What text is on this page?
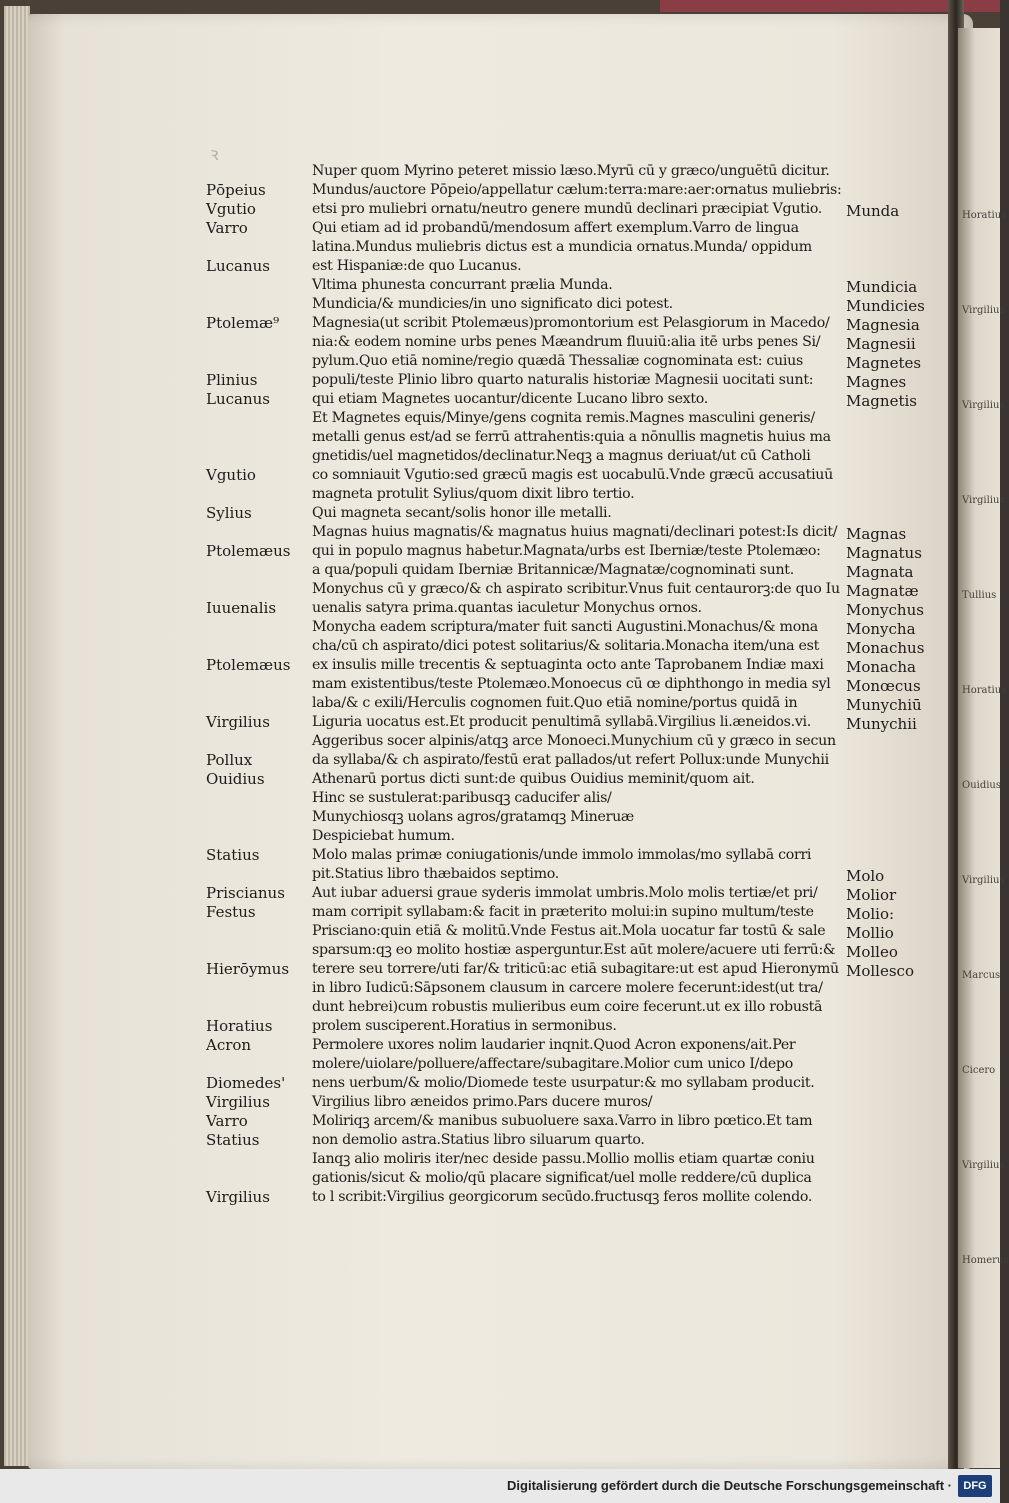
ꝛ
Nuper quom Myrino peteret missio læso.Myrū cū y græco/unguētū dicitur.
Mundus/auctore Pōpeio/appellatur cælum:terra:mare:aer:ornatus muliebris:
etsi pro muliebri ornatu/neutro genere mundū declinari præcipiat Vgutio.
Qui etiam ad id probandū/mendosum affert exemplum.Varro de lingua
latina.Mundus muliebris dictus est a mundicia ornatus.Munda/ oppidum
est Hispaniæ:de quo Lucanus.
Vltima phunesta concurrant prælia Munda.
Mundicia/& mundicies/in uno significato dici potest.
Magnesia(ut scribit Ptolemæus)promontorium est Pelasgiorum in Macedo/
nia:& eodem nomine urbs penes Mæandrum fluuiū:alia itē urbs penes Si/
pylum.Quo etiā nomine/regio quædā Thessaliæ cognominata est: cuius
populi/teste Plinio libro quarto naturalis historiæ Magnesii uocitati sunt:
qui etiam Magnetes uocantur/dicente Lucano libro sexto.
Et Magnetes equis/Minye/gens cognita remis.Magnes masculini generis/
metalli genus est/ad se ferrū attrahentis:quia a nōnullis magnetis huius ma
gnetidis/uel magnetidos/declinatur.Neqꝫ a magnus deriuat/ut cū Catholi
co somniauit Vgutio:sed græcū magis est uocabulū.Vnde græcū accusatiuū
magneta protulit Sylius/quom dixit libro tertio.
Qui magneta secant/solis honor ille metalli.
Magnas huius magnatis/& magnatus huius magnati/declinari potest:Is dicit/
qui in populo magnus habetur.Magnata/urbs est Iberniæ/teste Ptolemæo:
a qua/populi quidam Iberniæ Britannicæ/Magnatæ/cognominati sunt.
Monychus cū y græco/& ch aspirato scribitur.Vnus fuit centaurorꝫ:de quo Iu
uenalis satyra prima.quantas iaculetur Monychus ornos.
Monycha eadem scriptura/mater fuit sancti Augustini.Monachus/& mona
cha/cū ch aspirato/dici potest solitarius/& solitaria.Monacha item/una est
ex insulis mille trecentis & septuaginta octo ante Taprobanem Indiæ maxi
mam existentibus/teste Ptolemæo.Monoecus cū œ diphthongo in media syl
laba/& c exili/Herculis cognomen fuit.Quo etiā nomine/portus quidā in
Liguria uocatus est.Et producit penultimā syllabā.Virgilius li.æneidos.vi.
Aggeribus socer alpinis/atqꝫ arce Monoeci.Munychium cū y græco in secun
da syllaba/& ch aspirato/festū erat pallados/ut refert Pollux:unde Munychii
Athenarū portus dicti sunt:de quibus Ouidius meminit/quom ait.
Hinc se sustulerat:paribusqꝫ caducifer alis/
Munychiosqꝫ uolans agros/gratamqꝫ Mineruæ
Despiciebat humum.
Molo malas primæ coniugationis/unde immolo immolas/mo syllabā corri
pit.Statius libro thæbaidos septimo.
Aut iubar aduersi graue syderis immolat umbris.Molo molis tertiæ/et pri/
mam corripit syllabam:& facit in præterito molui:in supino multum/teste
Prisciano:quin etiā & molitū.Vnde Festus ait.Mola uocatur far tostū & sale
sparsum:qꝫ eo molito hostiæ asperguntur.Est aūt molere/acuere uti ferrū:&
terere seu torrere/uti far/& triticū:ac etiā subagitare:ut est apud Hieronymū
in libro Iudicū:Sāpsonem clausum in carcere molere fecerunt:idest(ut tra/
dunt hebrei)cum robustis mulieribus eum coire fecerunt.ut ex illo robustā
prolem susciperent.Horatius in sermonibus.
Permolere uxores nolim laudarier inqnit.Quod Acron exponens/ait.Per
molere/uiolare/polluere/affectare/subagitare.Molior cum unico I/depo
nens uerbum/& molio/Diomede teste usurpatur:& mo syllabam producit.
Virgilius libro æneidos primo.Pars ducere muros/
Moliriqꝫ arcem/& manibus subuoluere saxa.Varro in libro pœtico.Et tam
non demolio astra.Statius libro siluarum quarto.
Ianqꝫ alio moliris iter/nec deside passu.Mollio mollis etiam quartæ coniu
gationis/sicut & molio/qū placare significat/uel molle reddere/cū duplica
to l scribit:Virgilius georgicorum secūdo.fructusqꝫ feros mollite colendo.
Pōpeius
Vgutio
Varro
Lucanus
Ptolemæ⁹
Plinius
Lucanus
Vgutio
Sylius
Ptolemæus
Iuuenalis
Ptolemæus
Virgilius
Pollux
Ouidius
Statius
Priscianus
Festus
Hierōymus
Horatius
Acron
Diomedes'
Virgilius
Varro
Statius
Virgilius
Munda
Mundicia
Mundicies
Magnesia
Magnesii
Magnetes
Magnes
Magnetis
Magnas
Magnatus
Magnata
Magnatæ
Monychus
Monycha
Monachus
Monacha
Monœcus
Munychiū
Munychii
Molo
Molior
Molio:
Mollio
Molleo
Mollesco
Horatius
Virgilius
Virgilius
Virgilius
Tullius
Horatius
Ouidius
Virgilius
Marcus
Cicero
Virgilius
Homerus
Digitalisierung gefördert durch die Deutsche Forschungsgemeinschaft ·	DFG
